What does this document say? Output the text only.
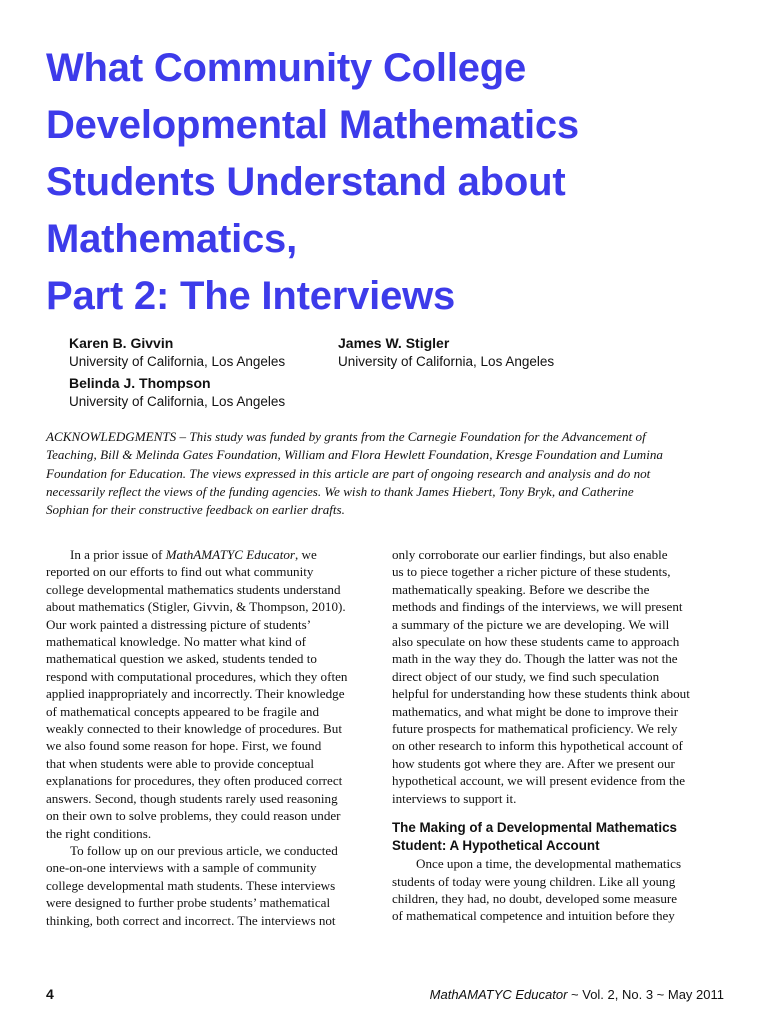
What Community College
Developmental Mathematics
Students Understand about
Mathematics,
Part 2: The Interviews
Karen B. Givvin
University of California, Los Angeles
James W. Stigler
University of California, Los Angeles
Belinda J. Thompson
University of California, Los Angeles

ACKNOWLEDGMENTS – This study was funded by grants from the Carnegie Foundation for the Advancement of
Teaching, Bill & Melinda Gates Foundation, William and Flora Hewlett Foundation, Kresge Foundation and Lumina
Foundation for Education. The views expressed in this article are part of ongoing research and analysis and do not
necessarily reflect the views of the funding agencies. We wish to thank James Hiebert, Tony Bryk, and Catherine
Sophian for their constructive feedback on earlier drafts.

In a prior issue of MathAMATYC Educator, we
reported on our efforts to find out what community
college developmental mathematics students understand
about mathematics (Stigler, Givvin, & Thompson, 2010).
Our work painted a distressing picture of students’
mathematical knowledge. No matter what kind of
mathematical question we asked, students tended to
respond with computational procedures, which they often
applied inappropriately and incorrectly. Their knowledge
of mathematical concepts appeared to be fragile and
weakly connected to their knowledge of procedures. But
we also found some reason for hope. First, we found
that when students were able to provide conceptual
explanations for procedures, they often produced correct
answers. Second, though students rarely used reasoning
on their own to solve problems, they could reason under
the right conditions.

To follow up on our previous article, we conducted
one-on-one interviews with a sample of community
college developmental math students. These interviews
were designed to further probe students’ mathematical
thinking, both correct and incorrect. The interviews not

only corroborate our earlier findings, but also enable
us to piece together a richer picture of these students,
mathematically speaking. Before we describe the
methods and findings of the interviews, we will present
a summary of the picture we are developing. We will
also speculate on how these students came to approach
math in the way they do. Though the latter was not the
direct object of our study, we find such speculation
helpful for understanding how these students think about
mathematics, and what might be done to improve their
future prospects for mathematical proficiency. We rely
on other research to inform this hypothetical account of
how students got where they are. After we present our
hypothetical account, we will present evidence from the
interviews to support it.

The Making of a Developmental Mathematics
Student: A Hypothetical Account

Once upon a time, the developmental mathematics
students of today were young children. Like all young
children, they had, no doubt, developed some measure
of mathematical competence and intuition before they

4	MathAMATYC Educator ~ Vol. 2, No. 3 ~ May 2011
